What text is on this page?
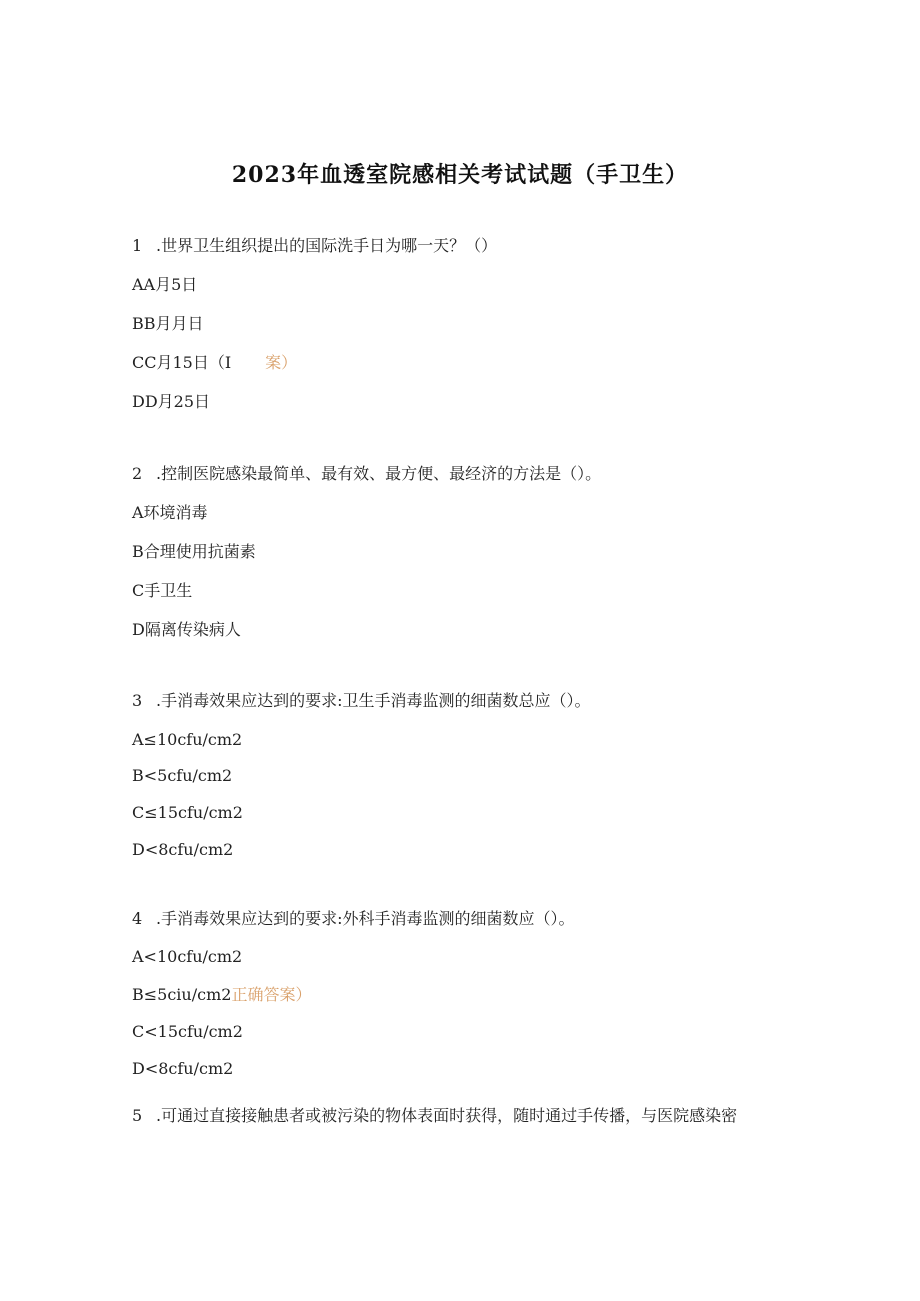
2023年血透室院感相关考试试题（手卫生）
1 .世界卫生组织提出的国际洗手日为哪一天？（）
AA月5日
BB月月日
CC月15日（I 案）
DD月25日
2 .控制医院感染最简单、最有效、最方便、最经济的方法是（）。
A环境消毒
B合理使用抗菌素
C手卫生
D隔离传染病人
3 .手消毒效果应达到的要求:卫生手消毒监测的细菌数总应（）。
A≤10cfu/cm2
B<5cfu/cm2
C≤15cfu/cm2
D<8cfu/cm2
4 .手消毒效果应达到的要求:外科手消毒监测的细菌数应（）。
A<10cfu/cm2
B≤5ciu/cm2正确答案）
C<15cfu/cm2
D<8cfu/cm2
5 .可通过直接接触患者或被污染的物体表面时获得，随时通过手传播，与医院感染密
